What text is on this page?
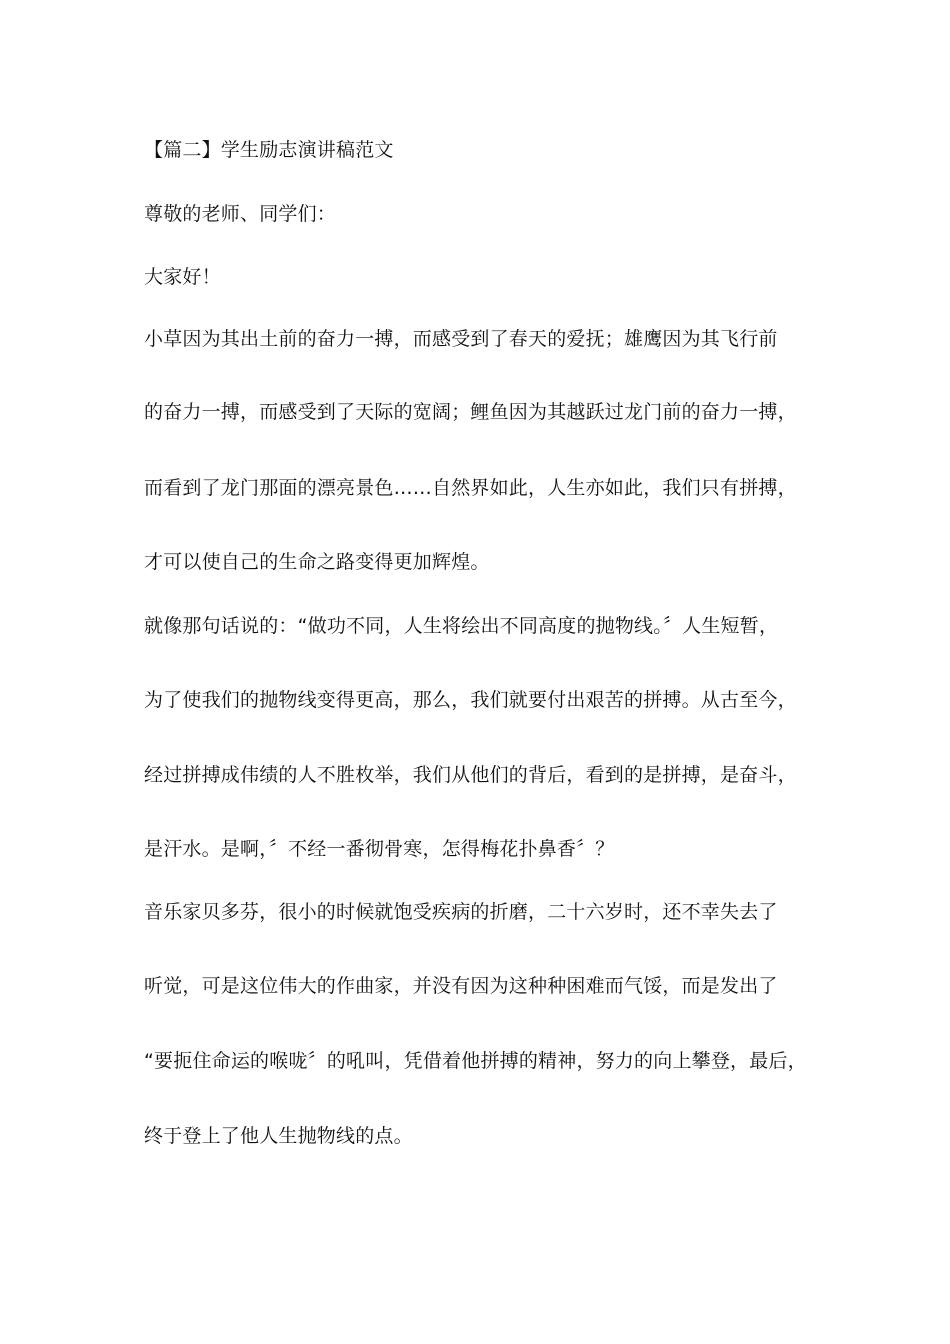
【篇二】学生励志演讲稿范文
尊敬的老师、同学们：
大家好！
小草因为其出土前的奋力一搏，而感受到了春天的爱抚；雄鹰因为其飞行前
的奋力一搏，而感受到了天际的宽阔；鲤鱼因为其越跃过龙门前的奋力一搏，
而看到了龙门那面的漂亮景色……自然界如此，人生亦如此，我们只有拼搏，
才可以使自己的生命之路变得更加辉煌。
就像那句话说的：“做功不同，人生将绘出不同高度的抛物线。〞人生短暂，
为了使我们的抛物线变得更高，那么，我们就要付出艰苦的拼搏。从古至今，
经过拼搏成伟绩的人不胜枚举，我们从他们的背后，看到的是拼搏，是奋斗，
是汗水。是啊，〞不经一番彻骨寒，怎得梅花扑鼻香〞？
音乐家贝多芬，很小的时候就饱受疾病的折磨，二十六岁时，还不幸失去了
听觉，可是这位伟大的作曲家，并没有因为这种种困难而气馁，而是发出了
“要扼住命运的喉咙〞的吼叫，凭借着他拼搏的精神，努力的向上攀登，最后，
终于登上了他人生抛物线的点。
